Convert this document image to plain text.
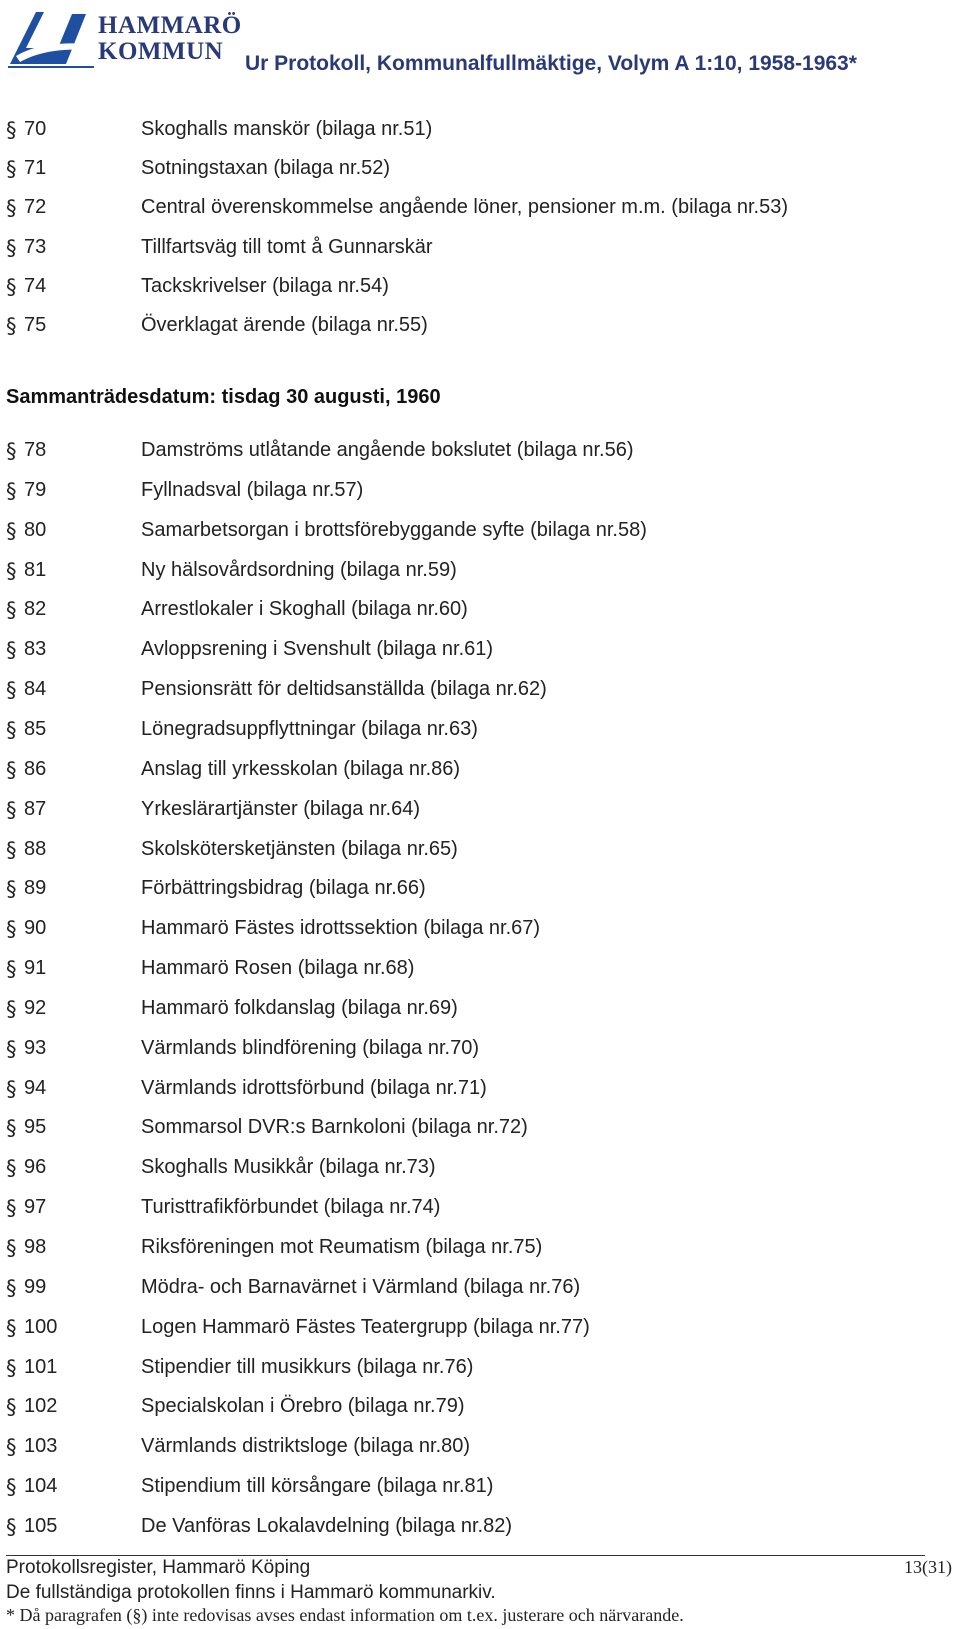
HAMMARÖ
KOMMUN Ur Protokoll, Kommunalfullmäktige, Volym A 1:10, 1958-1963*
§ 70	Skoghalls manskör (bilaga nr.51)
§ 71	Sotningstaxan (bilaga nr.52)
§ 72	Central överenskommelse angående löner, pensioner m.m. (bilaga nr.53)
§ 73	Tillfartsväg till tomt å Gunnarskär
§ 74	Tackskrivelser (bilaga nr.54)
§ 75	Överklagat ärende (bilaga nr.55)
Sammanträdesdatum: tisdag 30 augusti, 1960
§ 78	Damströms utlåtande angående bokslutet (bilaga nr.56)
§ 79	Fyllnadsval (bilaga nr.57)
§ 80	Samarbetsorgan i brottsförebyggande syfte (bilaga nr.58)
§ 81	Ny hälsovårdsordning (bilaga nr.59)
§ 82	Arrestlokaler i Skoghall (bilaga nr.60)
§ 83	Avloppsrening i Svenshult (bilaga nr.61)
§ 84	Pensionsrätt för deltidsanställda (bilaga nr.62)
§ 85	Lönegradsuppflyttningar (bilaga nr.63)
§ 86	Anslag till yrkesskolan (bilaga nr.86)
§ 87	Yrkeslärartjänster (bilaga nr.64)
§ 88	Skolskötersketjänsten (bilaga nr.65)
§ 89	Förbättringsbidrag (bilaga nr.66)
§ 90	Hammarö Fästes idrottssektion (bilaga nr.67)
§ 91	Hammarö Rosen (bilaga nr.68)
§ 92	Hammarö folkdanslag (bilaga nr.69)
§ 93	Värmlands blindförening (bilaga nr.70)
§ 94	Värmlands idrottsförbund (bilaga nr.71)
§ 95	Sommarsol DVR:s Barnkoloni (bilaga nr.72)
§ 96	Skoghalls Musikkår (bilaga nr.73)
§ 97	Turisttrafikförbundet (bilaga nr.74)
§ 98	Riksföreningen mot Reumatism (bilaga nr.75)
§ 99	Mödra- och Barnavärnet i Värmland (bilaga nr.76)
§ 100	Logen Hammarö Fästes Teatergrupp (bilaga nr.77)
§ 101	Stipendier till musikkurs (bilaga nr.76)
§ 102	Specialskolan i Örebro (bilaga nr.79)
§ 103	Värmlands distriktsloge (bilaga nr.80)
§ 104	Stipendium till körsångare (bilaga nr.81)
§ 105	De Vanföras Lokalavdelning (bilaga nr.82)
Protokollsregister, Hammarö Köping	13(31)
De fullständiga protokollen finns i Hammarö kommunarkiv.
* Då paragrafen (§) inte redovisas avses endast information om t.ex. justerare och närvarande.
